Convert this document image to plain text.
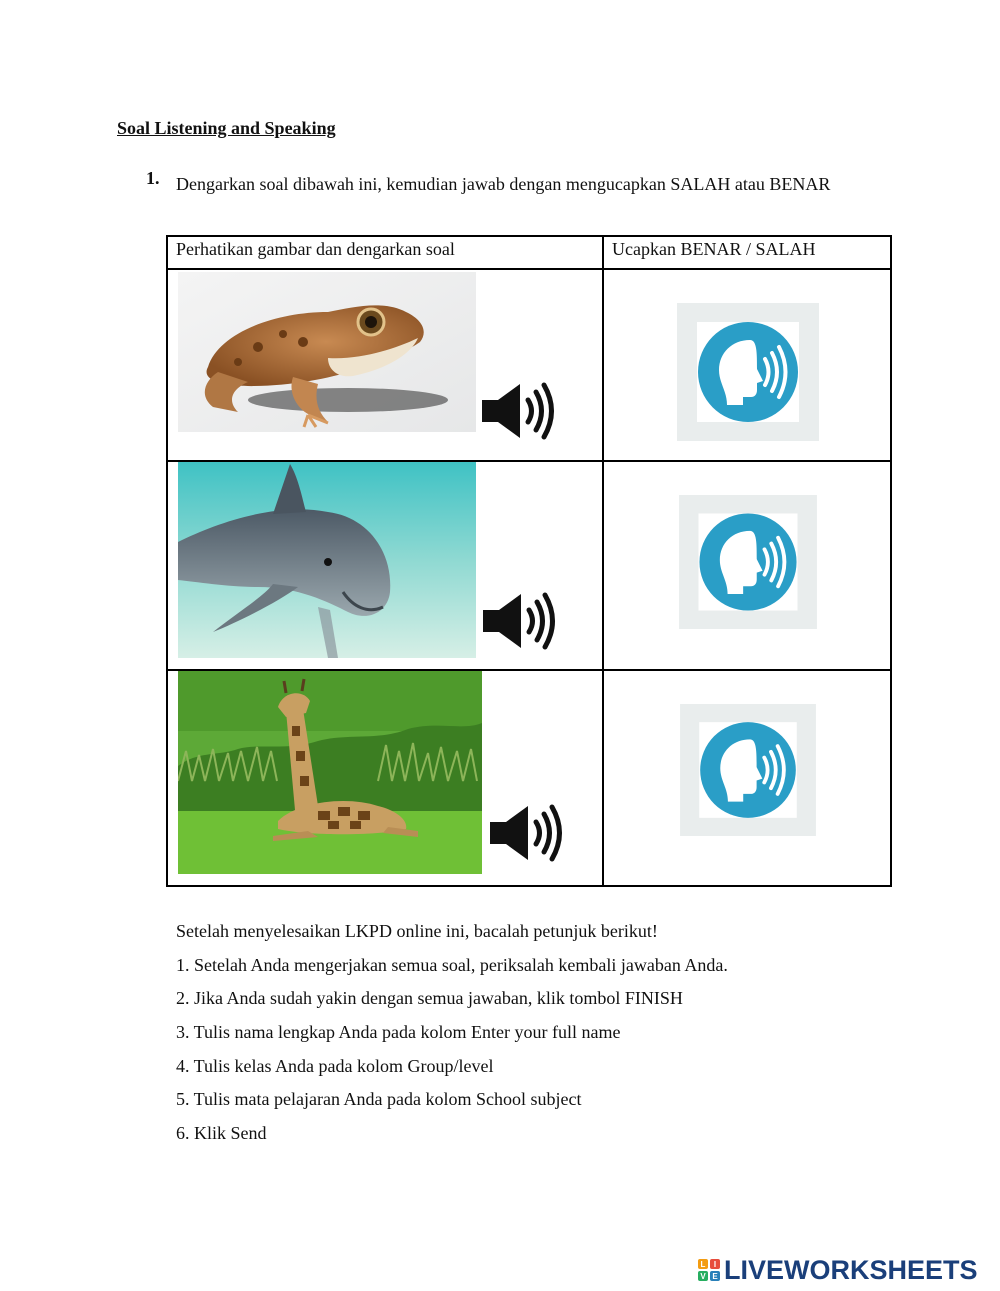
Soal Listening and Speaking
1. Dengarkan soal dibawah ini, kemudian jawab dengan mengucapkan SALAH atau BENAR
Perhatikan gambar dan dengarkan soal	Ucapkan BENAR / SALAH

Setelah menyelesaikan LKPD online ini, bacalah petunjuk berikut!
1. Setelah Anda mengerjakan semua soal, periksalah kembali jawaban Anda.
2. Jika Anda sudah yakin dengan semua jawaban, klik tombol FINISH
3. Tulis nama lengkap Anda pada kolom Enter your full name
4. Tulis kelas Anda pada kolom Group/level
5. Tulis mata pelajaran Anda pada kolom School subject
6. Klik Send
L	I
V E LIVEWORKSHEETS
